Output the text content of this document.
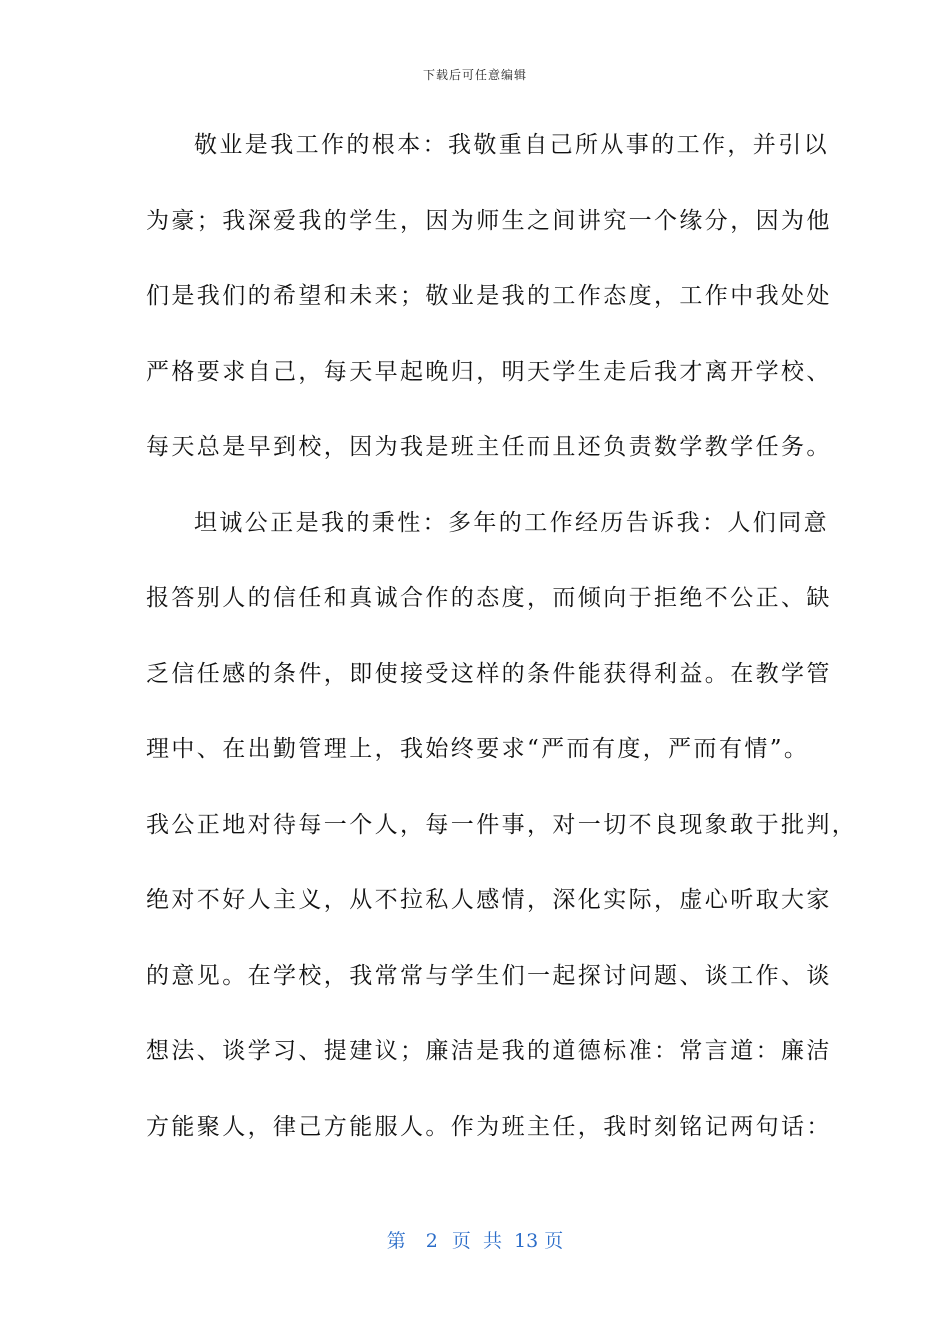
下载后可任意编辑
敬业是我工作的根本：我敬重自己所从事的工作，并引以
为豪；我深爱我的学生，因为师生之间讲究一个缘分，因为他
们是我们的希望和未来；敬业是我的工作态度，工作中我处处
严格要求自己，每天早起晚归，明天学生走后我才离开学校、
每天总是早到校，因为我是班主任而且还负责数学教学任务。
坦诚公正是我的秉性：多年的工作经历告诉我：人们同意
报答别人的信任和真诚合作的态度，而倾向于拒绝不公正、缺
乏信任感的条件，即使接受这样的条件能获得利益。在教学管
理中、在出勤管理上，我始终要求“严而有度，严而有情”。
我公正地对待每一个人，每一件事，对一切不良现象敢于批判，
绝对不好人主义，从不拉私人感情，深化实际，虚心听取大家
的意见。在学校，我常常与学生们一起探讨问题、谈工作、谈
想法、谈学习、提建议；廉洁是我的道德标准：常言道：廉洁
方能聚人，律己方能服人。作为班主任，我时刻铭记两句话：
第 2 页  共 13 页
